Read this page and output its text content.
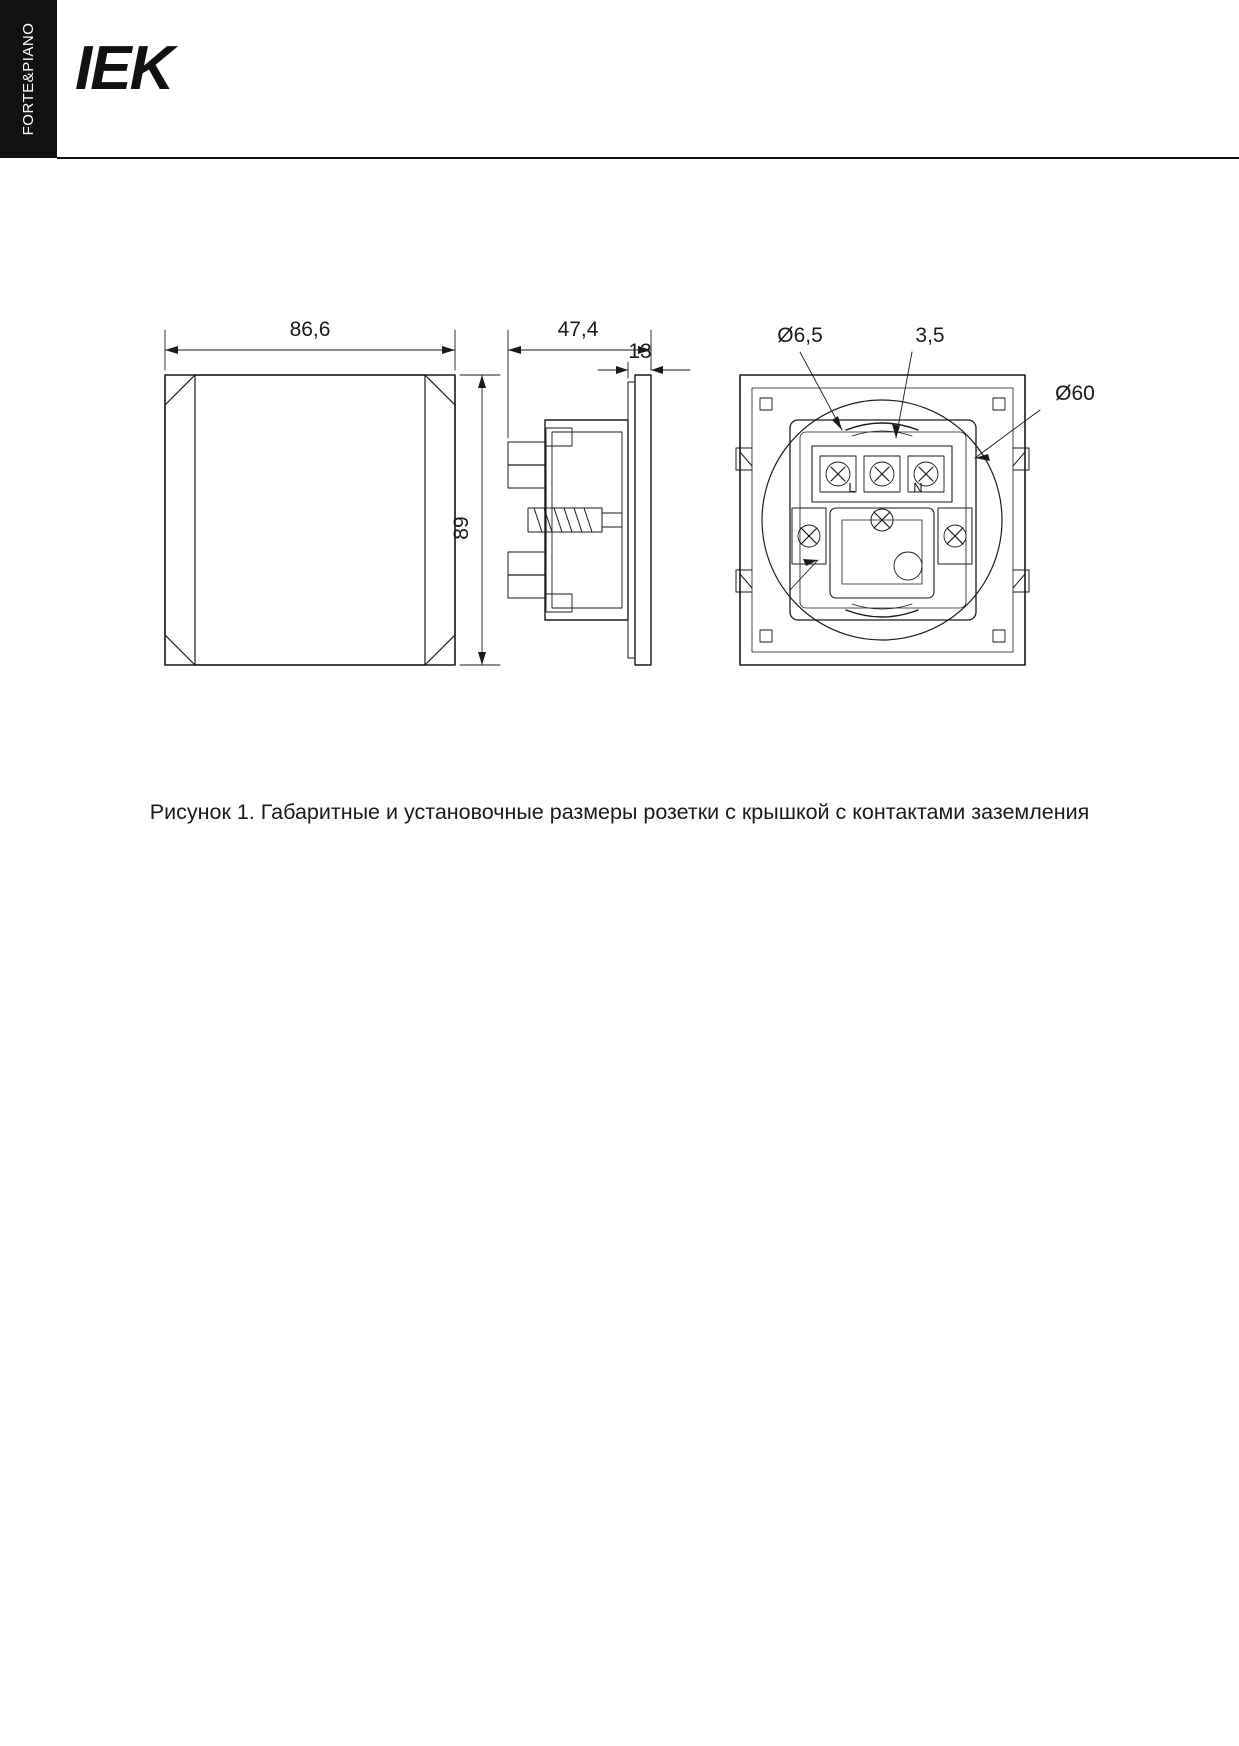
FORTE&PIANO IEK
86,6	47,4
13
Ø6,5	3,5
Ø60
89
L	N
Рисунок 1. Габаритные и установочные размеры розетки с крышкой с контактами заземления
